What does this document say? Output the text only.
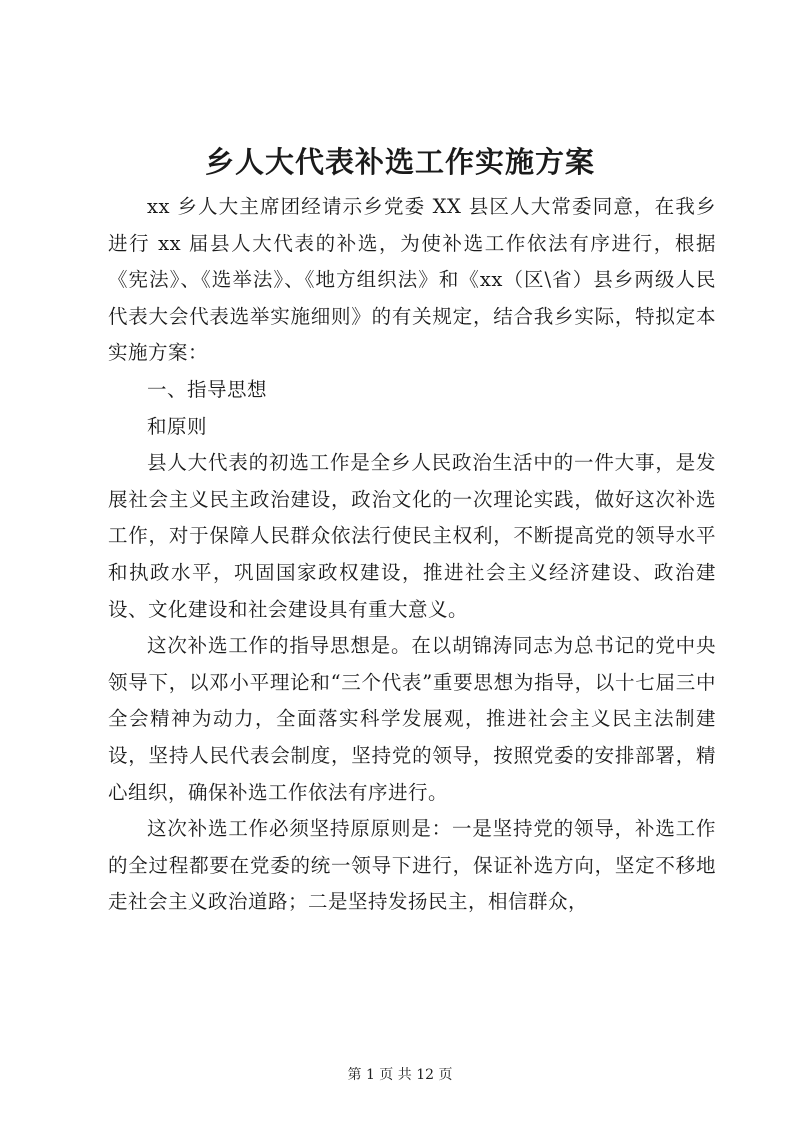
乡人大代表补选工作实施方案

xx 乡人大主席团经请示乡党委 XX 县区人大常委同意，在我乡进行 xx 届县人大代表的补选，为使补选工作依法有序进行，根据《宪法》、《选举法》、《地方组织法》和《xx（区\省）县乡两级人民代表大会代表选举实施细则》的有关规定，结合我乡实际，特拟定本实施方案：

一、指导思想

和原则

县人大代表的初选工作是全乡人民政治生活中的一件大事，是发展社会主义民主政治建设，政治文化的一次理论实践，做好这次补选工作，对于保障人民群众依法行使民主权利，不断提高党的领导水平和执政水平，巩固国家政权建设，推进社会主义经济建设、政治建设、文化建设和社会建设具有重大意义。

这次补选工作的指导思想是。在以胡锦涛同志为总书记的党中央领导下，以邓小平理论和“三个代表”重要思想为指导，以十七届三中全会精神为动力，全面落实科学发展观，推进社会主义民主法制建设，坚持人民代表会制度，坚持党的领导，按照党委的安排部署，精心组织，确保补选工作依法有序进行。

这次补选工作必须坚持原原则是：一是坚持党的领导，补选工作的全过程都要在党委的统一领导下进行，保证补选方向，坚定不移地走社会主义政治道路；二是坚持发扬民主，相信群众，

第 1 页 共 12 页
